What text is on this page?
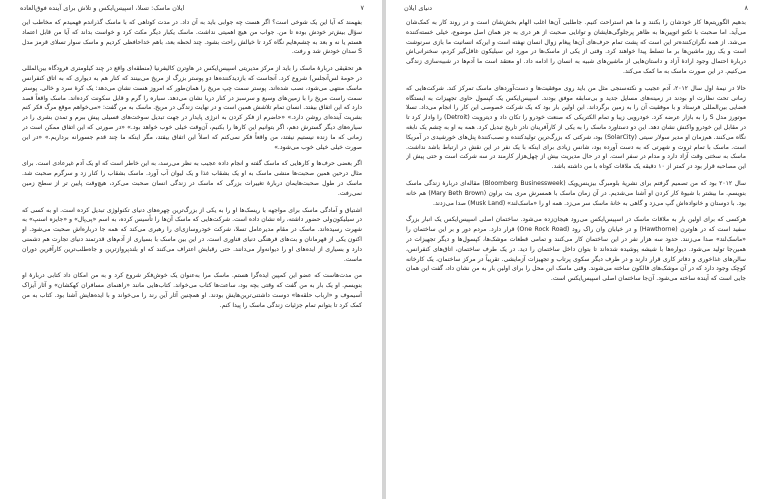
۷
ایلان ماسک: تسلا، اسپیس‌ایکس و تلاش برای آینده فوق‌العاده

بفهمند که آیا این یک شوخی است؟ اگر هست چه جوابی باید به آن داد. در مدت کوتاهی که با ماسک گذراندم فهمیدم که مخاطب این سؤال بیش‌تر خودش بوده تا من. جواب من هیچ اهمیتی نداشت. ماسک یکبار دیگر مکث کرد و خواست بداند که آیا من قابل اعتماد هستم یا نه و بعد به چشم‌هایم نگاه کرد تا خیالش راحت بشود. چند لحظه بعد، باهم خداحافظی کردیم و ماسک سوار تسلای قرمز مدل S سدان خودش شد و رفت.

هر تحقیقی دربارهٔ ماسک را باید از مرکز مدیریتی اسپیس‌ایکس در هاوترن کالیفرنیا (منطقه‌ای واقع در چند کیلومتری فرودگاه بین‌المللی در حومهٔ لس‌آنجلس) شروع کرد. آنجاست که بازدیدکننده‌ها دو پوستر بزرگ از مریخ می‌بینند که کنار هم به دیواری که به اتاق کنفرانس ماسک منتهی می‌شود، نصب شده‌اند. پوستر سمت چپ مریخ را همان‌طور که امروز هست نشان می‌دهد: یک کرهٔ سرد و خالی. پوستر سمت راست مریخ را با زمین‌های وسیع و سرسبز در کنار دریا نشان می‌دهد. سیاره را گرم و قابل سکونت کرده‌اند. ماسک واقعاً قصد دارد که این اتفاق بیفتد. انسان تمام تلاشش همین است و در نهایت زندگی در مریخ. ماسک به من گفت: «می‌خواهم موقع مرگ فکر کنم بشریت آینده‌ای روشن دارد.» «حاضرم از فکر کردن به انرژی پایدار در جهت تبدیل سوخت‌های فسیلی پیش ببرم و تمدن بشری را در سیاره‌های دیگر گسترش دهم، اگر بتوانیم این کارها را بکنیم، آن‌وقت خیلی خوب خواهد بود.» «در صورتی که این اتفاق ممکن است در زمانی که ما زنده نیستیم نیفتد، من واقعاً فکر نمی‌کنم که اصلاً این اتفاق بیفتد، مگر اینکه ما چند قدم جسورانه برداریم.» «در این صورت خیلی خیلی خوب می‌شود.»

اگر بعضی حرف‌ها و کارهایی که ماسک گفته و انجام داده عجیب به نظر می‌رسد، به این خاطر است که او یک آدم غیرعادی است. برای مثال درحین همین صحبت‌ها منشی ماسک به او یک بشقاب غذا و یک لیوان آب آورد. ماسک بشقاب را کنار زد و سرگرم صحبت شد. ماسک در طول صحبت‌هایمان دربارهٔ تغییرات بزرگی که ماسک در زندگی انسان صحبت می‌کرد، هیچ‌وقت پایین تر از سطح زمین نمی‌رفت.

اشتیاق و آمادگی ماسک برای مواجهه با ریسک‌ها او را به یکی از بزرگ‌ترین چهره‌های دنیای تکنولوژی تبدیل کرده است. او به کسی که در سیلیکون‌ولی حضور داشته، راه نشان داده است. شرکت‌هایی که ماسک آن‌ها را تأسیس کرده، به اسم «پی‌پال» و «جایزه اسنپ» به شهرت رسیده‌اند. ماسک در مقام مدیرعامل تسلا، شرکت خودروسازی‌ای را رهبری می‌کند که همه جا درباره‌اش صحبت می‌شود. او اکنون یکی از قهرمانان و بت‌های فرهنگی دنیای فناوری است. در این بین ماسک با بسیاری از آدم‌های قدرتمند دنیای تجارت هم دشمنی دارد و بسیاری از ایده‌های او را دیوانه‌وار می‌دانند. حتی رقبایش اعتراف می‌کنند که او بلندپروازترین و جاه‌طلب‌ترین کارآفرین دوران ماست.

من مدت‌هاست که عضو این کمپین ایده‌گرا هستم. ماسک مرا به‌عنوان یک خوش‌فکر شروع کرد و به من امکان داد کتابی دربارهٔ او بنویسم. او یک بار به من گفت که وقتی بچه بود، ساعت‌ها کتاب می‌خواند. کتاب‌هایی مانند «راهنمای مسافران کهکشان» و آثار آیزاک آسیموف و «ارباب حلقه‌ها» دوست داشتنی‌ترین‌هایش بودند. او همچنین آثار آین رند را می‌خواند و با ایده‌هایش آشنا بود. کتاب به من کمک کرد تا بتوانم تمام جزئیات زندگی ماسک را پیدا کنم.

۸
دنیای ایلان

بدهیم الگوریتم‌ها کار خودشان را بکنند و ما هم استراحت کنیم. جاطلبی آن‌ها اغلب الهام بخش‌شان است و در روند کار به کمک‌شان می‌آید. اما صحبت با تکنو اتوپین‌ها به ظاهر پرجلوگی‌هایشان و توانایی صحبت از هر دری به جز همان اصل موضوع، خیلی خسته‌کننده می‌شد. از همه نگران‌کننده‌تر این است که پشت تمام حرف‌های آن‌ها پیغام زوال انسان نهفته است و این‌که انسانیت ما بازی سرنوشت است و یک روز ماشین‌ها بر ما تسلط پیدا خواهند کرد. وقتی از یکی از ماسک‌ها در مورد این سیلیکون غافل‌گیر کردم، سخنرانی‌اش دربارهٔ احتمال وجود ارادهٔ آزاد و داستان‌هایی از ماشین‌های شبیه به انسان را ادامه داد. او معتقد است ما آدم‌ها در شبیه‌سازی زندگی می‌کنیم. در این صورت ماسک به ما کمک می‌کند.

حالا در نیمهٔ اول سال ۲۰۱۲، آدم عجیب و نکته‌سنجی مثل من باید روی موفقیت‌ها و دست‌آوردهای ماسک تمرکز کند. شرکت‌هایی که زمانی تحت نظارت او بودند در زمینه‌های مسایل جدید و بی‌سابقه موفق بودند. اسپیس‌ایکس یک کپسول حاوی تجهیزات به ایستگاه فضایی بین‌المللی فرستاد و با موفقیت آن را به زمین برگرداند. این اولین بار بود که یک شرکت خصوصی این کار را انجام می‌داد. تسلا موتورز مدل S را به بازار عرضه کرد. خودرویی زیبا و تمام الکتریکی که صنعت خودرو را تکان داد و دیترویت (Detroit) را وادار کرد تا در مقابل این خودرو واکنش نشان دهد. این دو دستاورد ماسک را به یکی از کارآفرینان نادر تاریخ تبدیل کرد. همه به او به چشم یک نابغه نگاه می‌کنند. هم‌زمان او مدیر سولار سیتی (SolarCity) بود، شرکتی که بزرگ‌ترین تولیدکننده و نصب‌کنندهٔ پنل‌های خورشیدی در آمریکا است. ماسک با تمام ثروت و شهرتی که به دست آورده بود، شانس زیادی برای اینکه با یک نفر در این نقش در ارتباط باشد نداشت. ماسک به سختی وقت آزاد دارد و مدام در سفر است. او در حال مدیریت بیش از چهل‌هزار کارمند در سه شرکت است و حتی پیش از این مصاحبه قرار بود در کمتر از ۱۰ دقیقه یک ملاقات کوتاه با من داشته باشد.

سال ۲۰۱۲ بود که من تصمیم گرفتم برای نشریهٔ بلومبرگ بیزینس‌ویک (Bloomberg Businessweek) مقاله‌ای دربارهٔ زندگی ماسک بنویسم. ما بیشتر با شیوهٔ کار کردن او آشنا می‌شدیم. در آن زمان ماسک با همسرش مری بث براون (Mary Beth Brown) هم خانه بود. با دوستان و خانواده‌اش گپ می‌زد و گاهی به خانهٔ ماسک سر می‌زد. همه او را «ماسک‌لند» (Musk Land) صدا می‌زدند.

هرکسی که برای اولین بار به ملاقات ماسک در اسپیس‌ایکس می‌رود هیجان‌زده می‌شود. ساختمان اصلی اسپیس‌ایکس یک انبار بزرگ سفید است که در هاوترن (Hawthorne) و در خیابان وان راک رود (One Rock Road) قرار دارد. مردم دور و بر این ساختمان را «ماسک‌لند» صدا می‌زنند. حدود سه هزار نفر در این ساختمان کار می‌کنند و تمامی قطعات موشک‌ها، کپسول‌ها و دیگر تجهیزات در همین‌جا تولید می‌شود. دیواره‌ها با شیشه پوشیده شده‌اند تا بتوان داخل ساختمان را دید. در یک طرف ساختمان، اتاق‌های کنفرانس، سالن‌های غذاخوری و دفاتر کاری قرار دارند و در طرف دیگر سکوی پرتاب و تجهیزات آزمایشی. تقریباً در مرکز ساختمان، یک کارخانه کوچک وجود دارد که در آن موشک‌های فالکون ساخته می‌شوند. وقتی ماسک این محل را برای اولین بار به من نشان داد، گفت این همان جایی است که آینده ساخته می‌شود. آن‌جا ساختمان اصلی اسپیس‌ایکس است.
